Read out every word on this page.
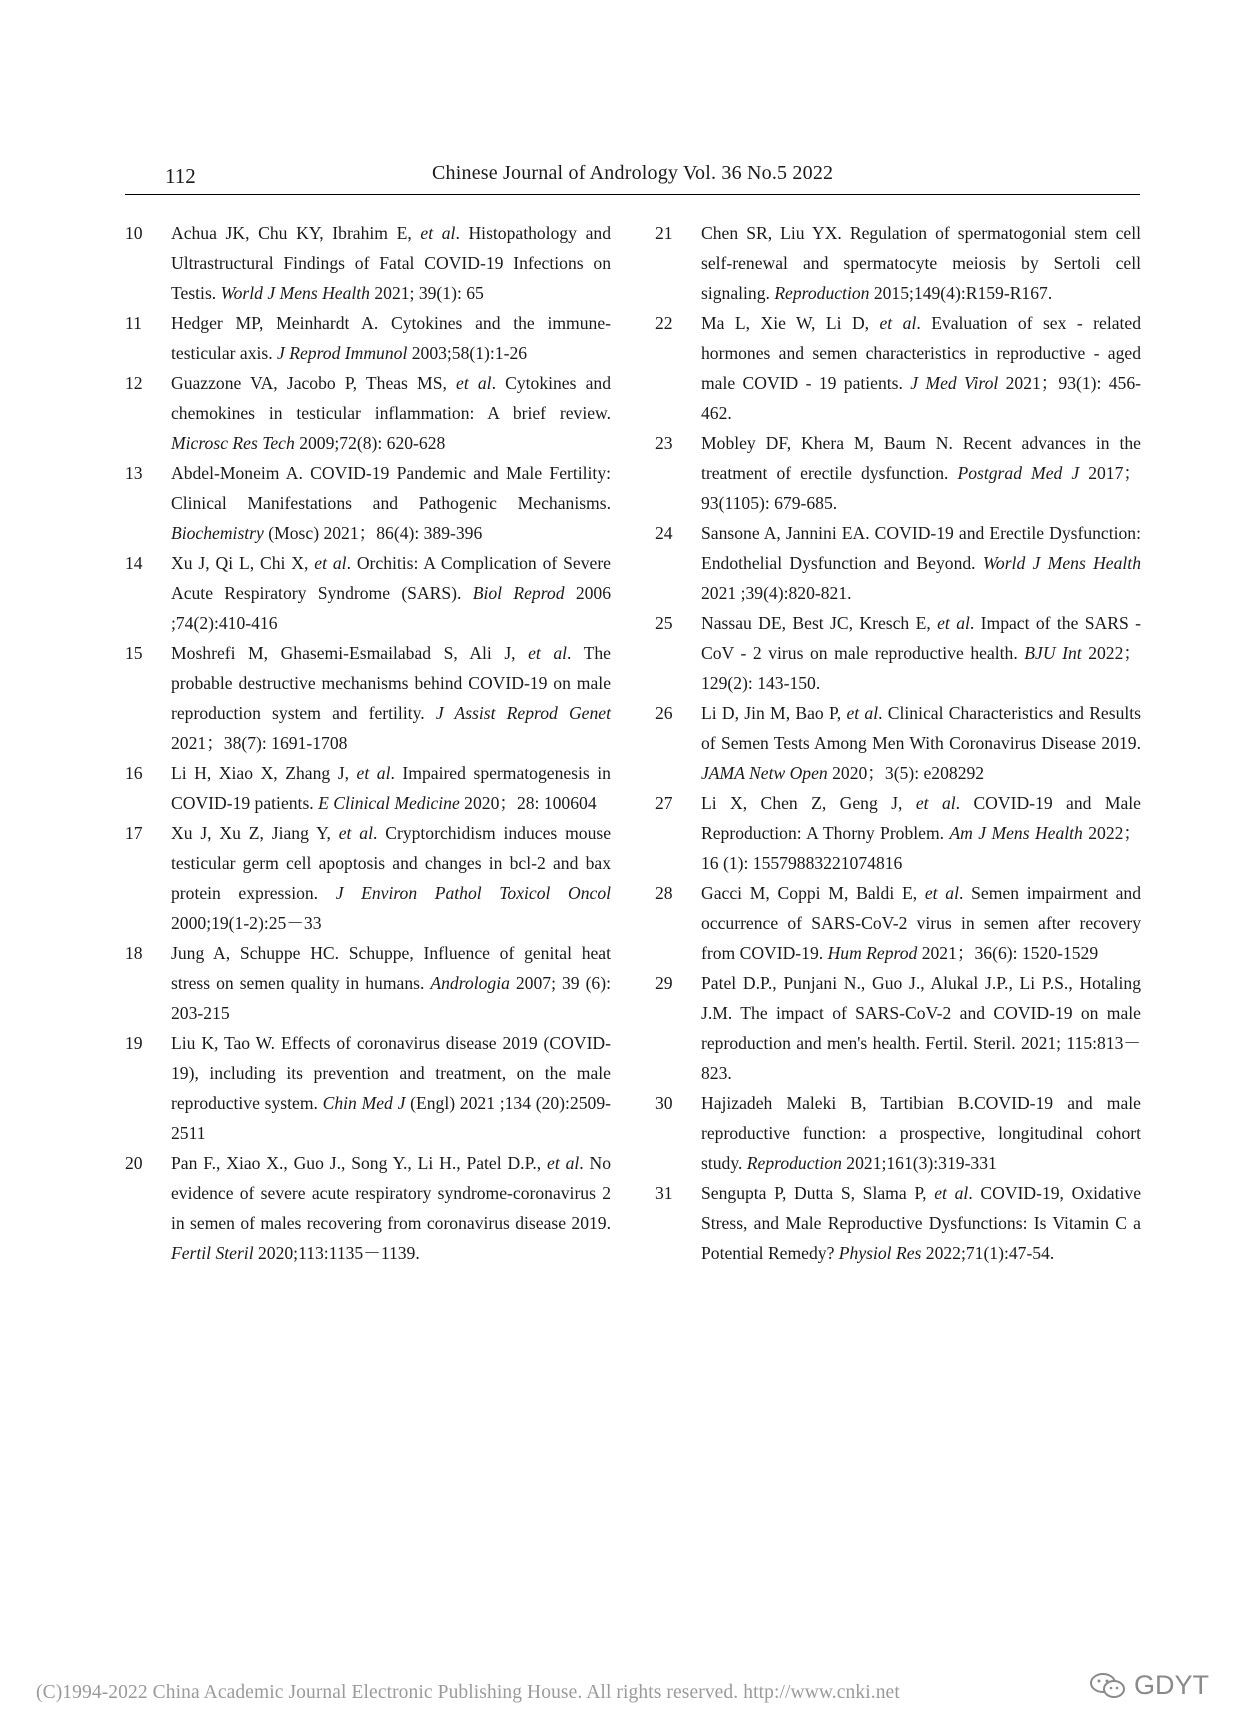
112	Chinese Journal of Andrology Vol. 36 No.5 2022
10	Achua JK, Chu KY, Ibrahim E, et al. Histopathology and Ultrastructural Findings of Fatal COVID-19 Infections on Testis. World J Mens Health 2021; 39(1): 65
11	Hedger MP, Meinhardt A. Cytokines and the immune-testicular axis. J Reprod Immunol 2003;58(1):1-26
12	Guazzone VA, Jacobo P, Theas MS, et al. Cytokines and chemokines in testicular inflammation: A brief review. Microsc Res Tech 2009;72(8): 620-628
13	Abdel-Moneim A. COVID-19 Pandemic and Male Fertility: Clinical Manifestations and Pathogenic Mechanisms. Biochemistry (Mosc) 2021；86(4): 389-396
14	Xu J, Qi L, Chi X, et al. Orchitis: A Complication of Severe Acute Respiratory Syndrome (SARS). Biol Reprod 2006 ;74(2):410-416
15	Moshrefi M, Ghasemi-Esmailabad S, Ali J, et al. The probable destructive mechanisms behind COVID-19 on male reproduction system and fertility. J Assist Reprod Genet 2021；38(7): 1691-1708
16	Li H, Xiao X, Zhang J, et al. Impaired spermatogenesis in COVID-19 patients. E Clinical Medicine 2020；28: 100604
17	Xu J, Xu Z, Jiang Y, et al. Cryptorchidism induces mouse testicular germ cell apoptosis and changes in bcl-2 and bax protein expression. J Environ Pathol Toxicol Oncol 2000;19(1-2):25－33
18	Jung A, Schuppe HC. Schuppe, Influence of genital heat stress on semen quality in humans. Andrologia 2007; 39 (6): 203-215
19	Liu K, Tao W. Effects of coronavirus disease 2019 (COVID-19), including its prevention and treatment, on the male reproductive system. Chin Med J (Engl) 2021 ;134 (20):2509-2511
20	Pan F., Xiao X., Guo J., Song Y., Li H., Patel D.P., et al. No evidence of severe acute respiratory syndrome-coronavirus 2 in semen of males recovering from coronavirus disease 2019. Fertil Steril 2020;113:1135－1139.
21	Chen SR, Liu YX. Regulation of spermatogonial stem cell self-renewal and spermatocyte meiosis by Sertoli cell signaling. Reproduction 2015;149(4):R159-R167.
22	Ma L, Xie W, Li D, et al. Evaluation of sex - related hormones and semen characteristics in reproductive - aged male COVID - 19 patients. J Med Virol 2021；93(1): 456-462.
23	Mobley DF, Khera M, Baum N. Recent advances in the treatment of erectile dysfunction. Postgrad Med J 2017；93(1105): 679-685.
24	Sansone A, Jannini EA. COVID-19 and Erectile Dysfunction: Endothelial Dysfunction and Beyond. World J Mens Health 2021 ;39(4):820-821.
25	Nassau DE, Best JC, Kresch E, et al. Impact of the SARS - CoV - 2 virus on male reproductive health. BJU Int 2022；129(2): 143-150.
26	Li D, Jin M, Bao P, et al. Clinical Characteristics and Results of Semen Tests Among Men With Coronavirus Disease 2019. JAMA Netw Open 2020；3(5): e208292
27	Li X, Chen Z, Geng J, et al. COVID-19 and Male Reproduction: A Thorny Problem. Am J Mens Health 2022；16 (1): 15579883221074816
28	Gacci M, Coppi M, Baldi E, et al. Semen impairment and occurrence of SARS-CoV-2 virus in semen after recovery from COVID-19. Hum Reprod 2021；36(6): 1520-1529
29	Patel D.P., Punjani N., Guo J., Alukal J.P., Li P.S., Hotaling J.M. The impact of SARS-CoV-2 and COVID-19 on male reproduction and men's health. Fertil. Steril. 2021; 115:813－823.
30	Hajizadeh Maleki B, Tartibian B.COVID-19 and male reproductive function: a prospective, longitudinal cohort study. Reproduction 2021;161(3):319-331
31	Sengupta P, Dutta S, Slama P, et al. COVID-19, Oxidative Stress, and Male Reproductive Dysfunctions: Is Vitamin C a Potential Remedy? Physiol Res 2022;71(1):47-54.
(C)1994-2022 China Academic Journal Electronic Publishing House. All rights reserved. http://www.cnki.net	GDYT
